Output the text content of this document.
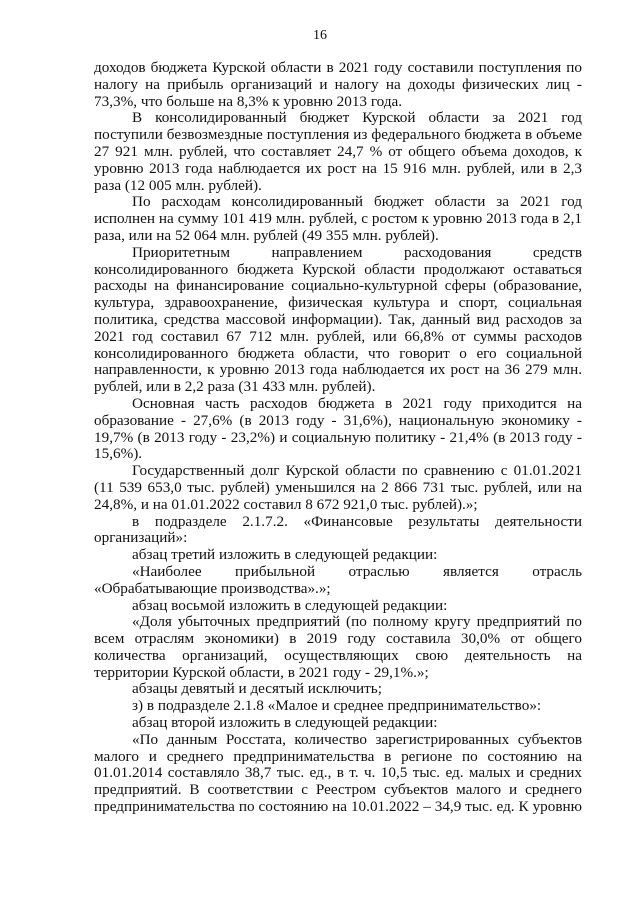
16

доходов бюджета Курской области в 2021 году составили поступления по налогу на прибыль организаций и налогу на доходы физических лиц - 73,3%, что больше на 8,3% к уровню 2013 года.

В консолидированный бюджет Курской области за 2021 год поступили безвозмездные поступления из федерального бюджета в объеме 27 921 млн. рублей, что составляет 24,7 % от общего объема доходов, к уровню 2013 года наблюдается их рост на 15 916 млн. рублей, или в 2,3 раза (12 005 млн. рублей).

По расходам консолидированный бюджет области за 2021 год исполнен на сумму 101 419 млн. рублей, с ростом к уровню 2013 года в 2,1 раза, или на 52 064 млн. рублей (49 355 млн. рублей).

Приоритетным направлением расходования средств консолидированного бюджета Курской области продолжают оставаться расходы на финансирование социально-культурной сферы (образование, культура, здравоохранение, физическая культура и спорт, социальная политика, средства массовой информации). Так, данный вид расходов за 2021 год составил 67 712 млн. рублей, или 66,8% от суммы расходов консолидированного бюджета области, что говорит о его социальной направленности, к уровню 2013 года наблюдается их рост на 36 279 млн. рублей, или в 2,2 раза (31 433 млн. рублей).

Основная часть расходов бюджета в 2021 году приходится на образование - 27,6% (в 2013 году - 31,6%), национальную экономику - 19,7% (в 2013 году - 23,2%) и социальную политику - 21,4% (в 2013 году - 15,6%).

Государственный долг Курской области по сравнению с 01.01.2021 (11 539 653,0 тыс. рублей) уменьшился на 2 866 731 тыс. рублей, или на 24,8%, и на 01.01.2022 составил 8 672 921,0 тыс. рублей).»;

в подразделе 2.1.7.2. «Финансовые результаты деятельности организаций»:

абзац третий изложить в следующей редакции:

«Наиболее прибыльной отраслью является отрасль «Обрабатывающие производства».»;

абзац восьмой изложить в следующей редакции:

«Доля убыточных предприятий (по полному кругу предприятий по всем отраслям экономики) в 2019 году составила 30,0% от общего количества организаций, осуществляющих свою деятельность на территории Курской области, в 2021 году - 29,1%.»;

абзацы девятый и десятый исключить;

з) в подразделе 2.1.8 «Малое и среднее предпринимательство»:

абзац второй изложить в следующей редакции:

«По данным Росстата, количество зарегистрированных субъектов малого и среднего предпринимательства в регионе по состоянию на 01.01.2014 составляло 38,7 тыс. ед., в т. ч. 10,5 тыс. ед. малых и средних предприятий. В соответствии с Реестром субъектов малого и среднего предпринимательства по состоянию на 10.01.2022 – 34,9 тыс. ед. К уровню
